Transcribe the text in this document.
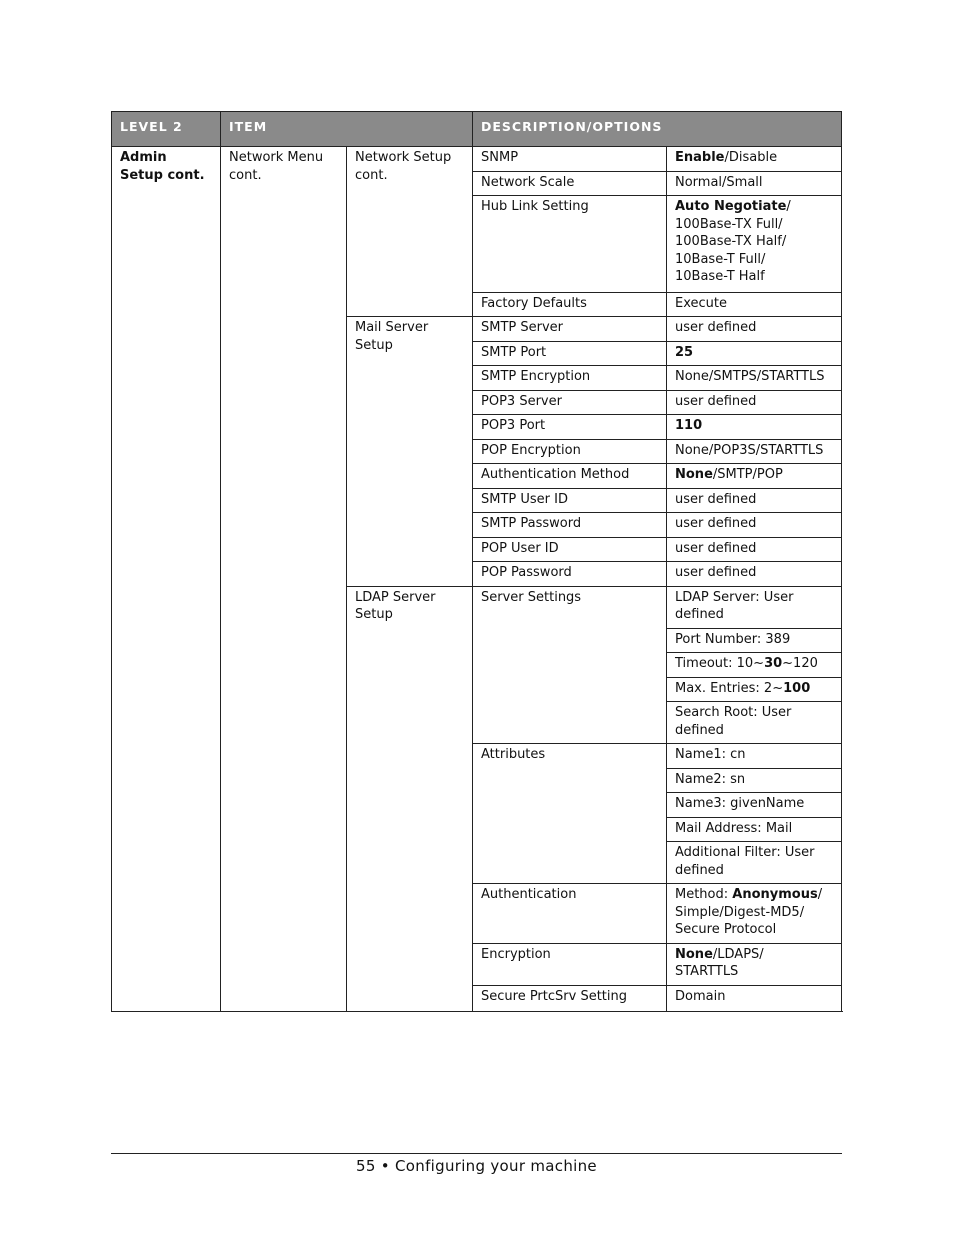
LEVEL 2	ITEM		DESCRIPTION/OPTIONS	
Admin Setup cont.	Network Menu cont.	Network Setup cont.	SNMP	Enable/Disable
			Network Scale	Normal/Small
			Hub Link Setting	Auto Negotiate/
100Base-TX Full/
100Base-TX Half/
10Base-T Full/
10Base-T Half
			Factory Defaults	Execute
		Mail Server Setup	SMTP Server	user defined
			SMTP Port	25
			SMTP Encryption	None/SMTPS/STARTTLS
			POP3 Server	user defined
			POP3 Port	110
			POP Encryption	None/POP3S/STARTTLS
			Authentication Method	None/SMTP/POP
			SMTP User ID	user defined
			SMTP Password	user defined
			POP User ID	user defined
			POP Password	user defined
		LDAP Server Setup	Server Settings	LDAP Server: User defined
				Port Number: 389
				Timeout: 10~30~120
				Max. Entries: 2~100
				Search Root: User defined
			Attributes	Name1: cn
				Name2: sn
				Name3: givenName
				Mail Address: Mail
				Additional Filter: User defined
			Authentication	Method: Anonymous/ Simple/Digest-MD5/ Secure Protocol
			Encryption	None/LDAPS/ STARTTLS
			Secure PrtcSrv Setting	Domain
55 • Configuring your machine
